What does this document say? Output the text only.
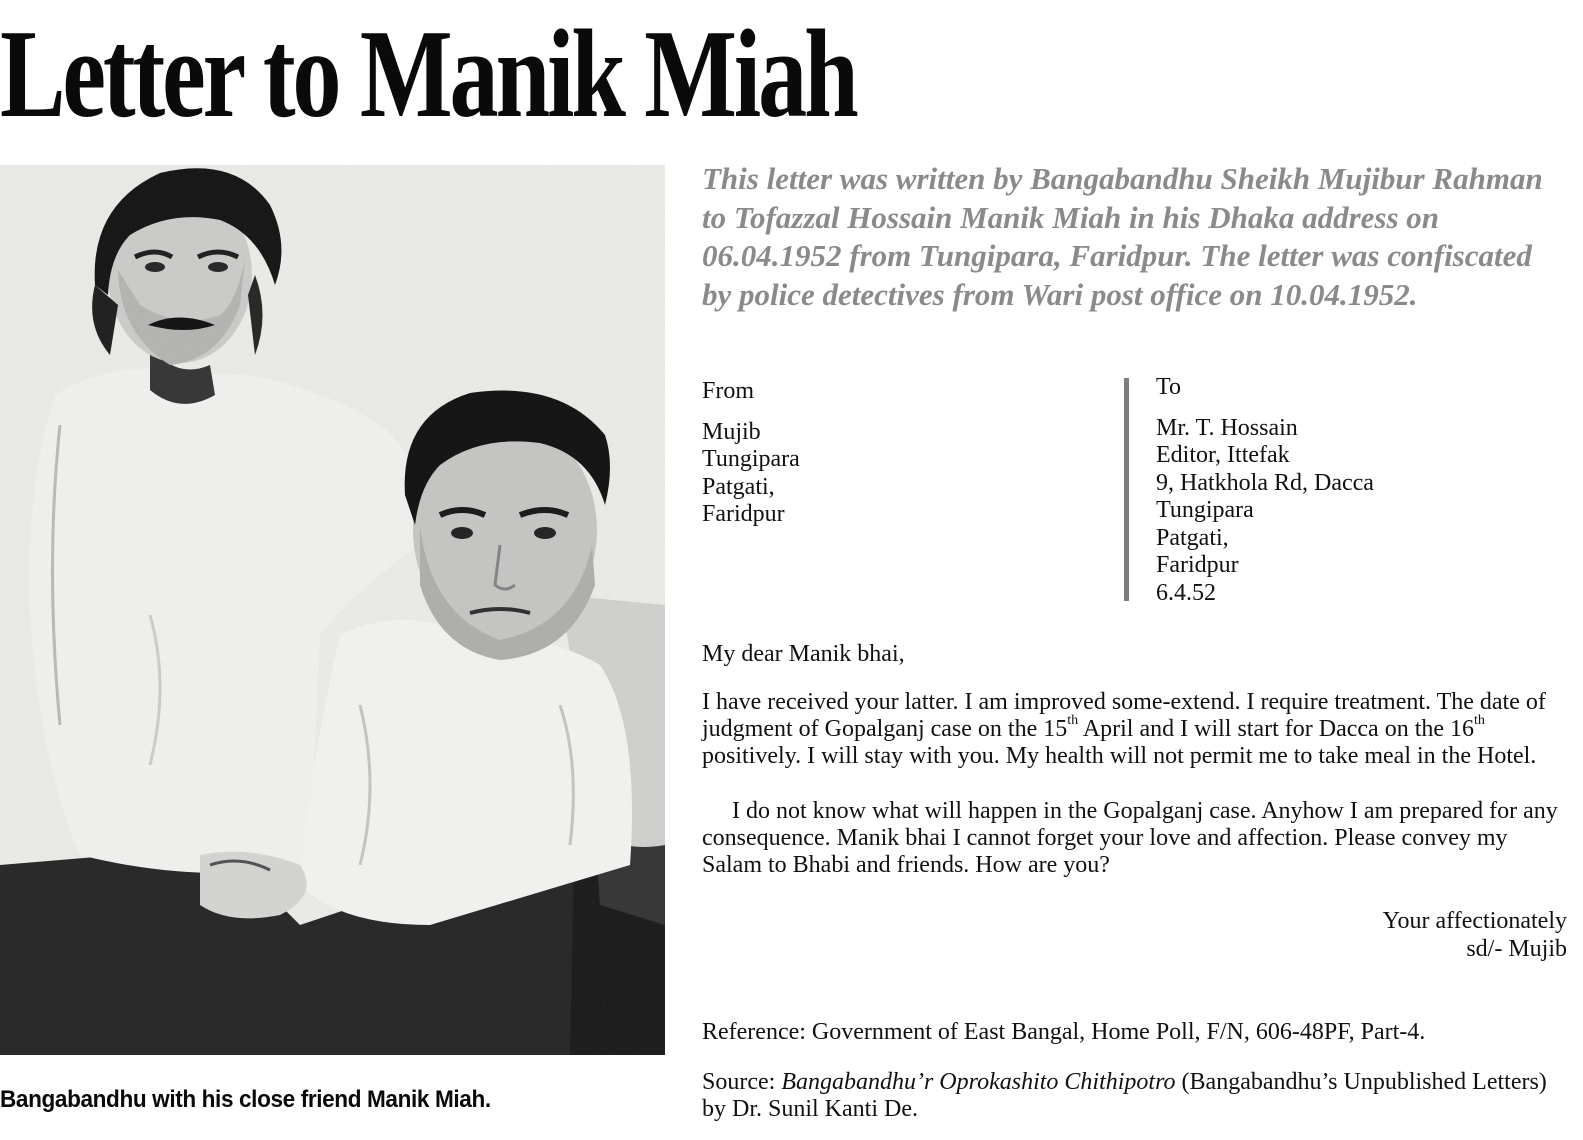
Letter to Manik Miah
Bangabandhu with his close friend Manik Miah.
This letter was written by Bangabandhu Sheikh Mujibur Rahman to Tofazzal Hossain Manik Miah in his Dhaka address on 06.04.1952 from Tungipara, Faridpur. The letter was confiscated by police detectives from Wari post office on 10.04.1952.
From
Mujib
Tungipara
Patgati,
Faridpur
To
Mr. T. Hossain
Editor, Ittefak
9, Hatkhola Rd, Dacca
Tungipara
Patgati,
Faridpur
6.4.52
My dear Manik bhai,
I have received your latter. I am improved some-extend. I require treatment. The date of judgment of Gopalganj case on the 15th April and I will start for Dacca on the 16th positively. I will stay with you. My health will not permit me to take meal in the Hotel.
I do not know what will happen in the Gopalganj case. Anyhow I am prepared for any consequence. Manik bhai I cannot forget your love and affection. Please convey my Salam to Bhabi and friends. How are you?
Your affectionately
sd/- Mujib
Reference: Government of East Bangal, Home Poll, F/N, 606-48PF, Part-4.
Source: Bangabandhu’r Oprokashito Chithipotro (Bangabandhu’s Unpublished Letters) by Dr. Sunil Kanti De.
